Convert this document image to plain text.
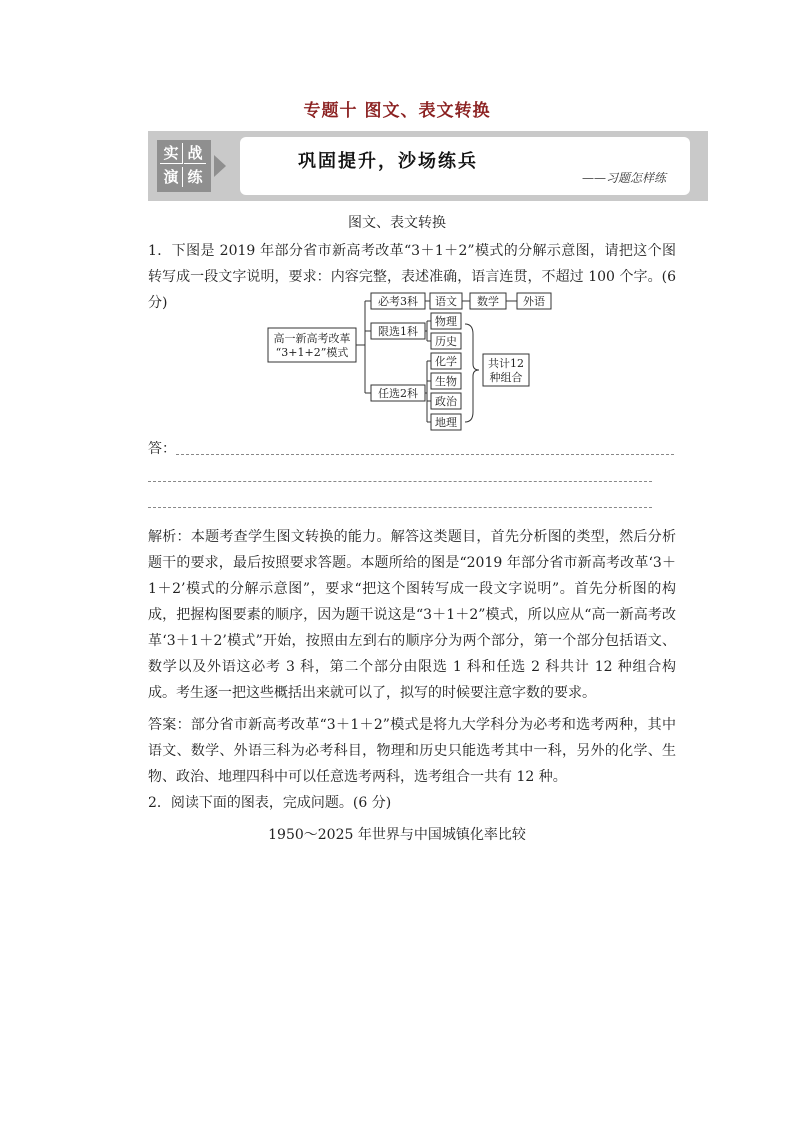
专题十 图文、表文转换
实 战
演 练
巩固提升，沙场练兵
——习题怎样练
图文、表文转换

1．下图是 2019 年部分省市新高考改革“3＋1＋2”模式的分解示意图，请把这个图转写成一段文字说明，要求：内容完整，表述准确，语言连贯，不超过 100 个字。(6 分)

高一新高考改革
“3+1+2”模式
必考3科
限选1科
任选2科
语文 数学 外语
物理
历史
化学
生物
政治
地理
共计12
种组合
答：

解析：本题考查学生图文转换的能力。解答这类题目，首先分析图的类型，然后分析题干的要求，最后按照要求答题。本题所给的图是“2019 年部分省市新高考改革‘3＋1＋2’模式的分解示意图”，要求“把这个图转写成一段文字说明”。首先分析图的构成，把握构图要素的顺序，因为题干说这是“3＋1＋2”模式，所以应从“高一新高考改革‘3＋1＋2’模式”开始，按照由左到右的顺序分为两个部分，第一个部分包括语文、数学以及外语这必考 3 科，第二个部分由限选 1 科和任选 2 科共计 12 种组合构成。考生逐一把这些概括出来就可以了，拟写的时候要注意字数的要求。

答案：部分省市新高考改革“3＋1＋2”模式是将九大学科分为必考和选考两种，其中语文、数学、外语三科为必考科目，物理和历史只能选考其中一科，另外的化学、生物、政治、地理四科中可以任意选考两科，选考组合一共有 12 种。

2．阅读下面的图表，完成问题。(6 分)

1950～2025 年世界与中国城镇化率比较
